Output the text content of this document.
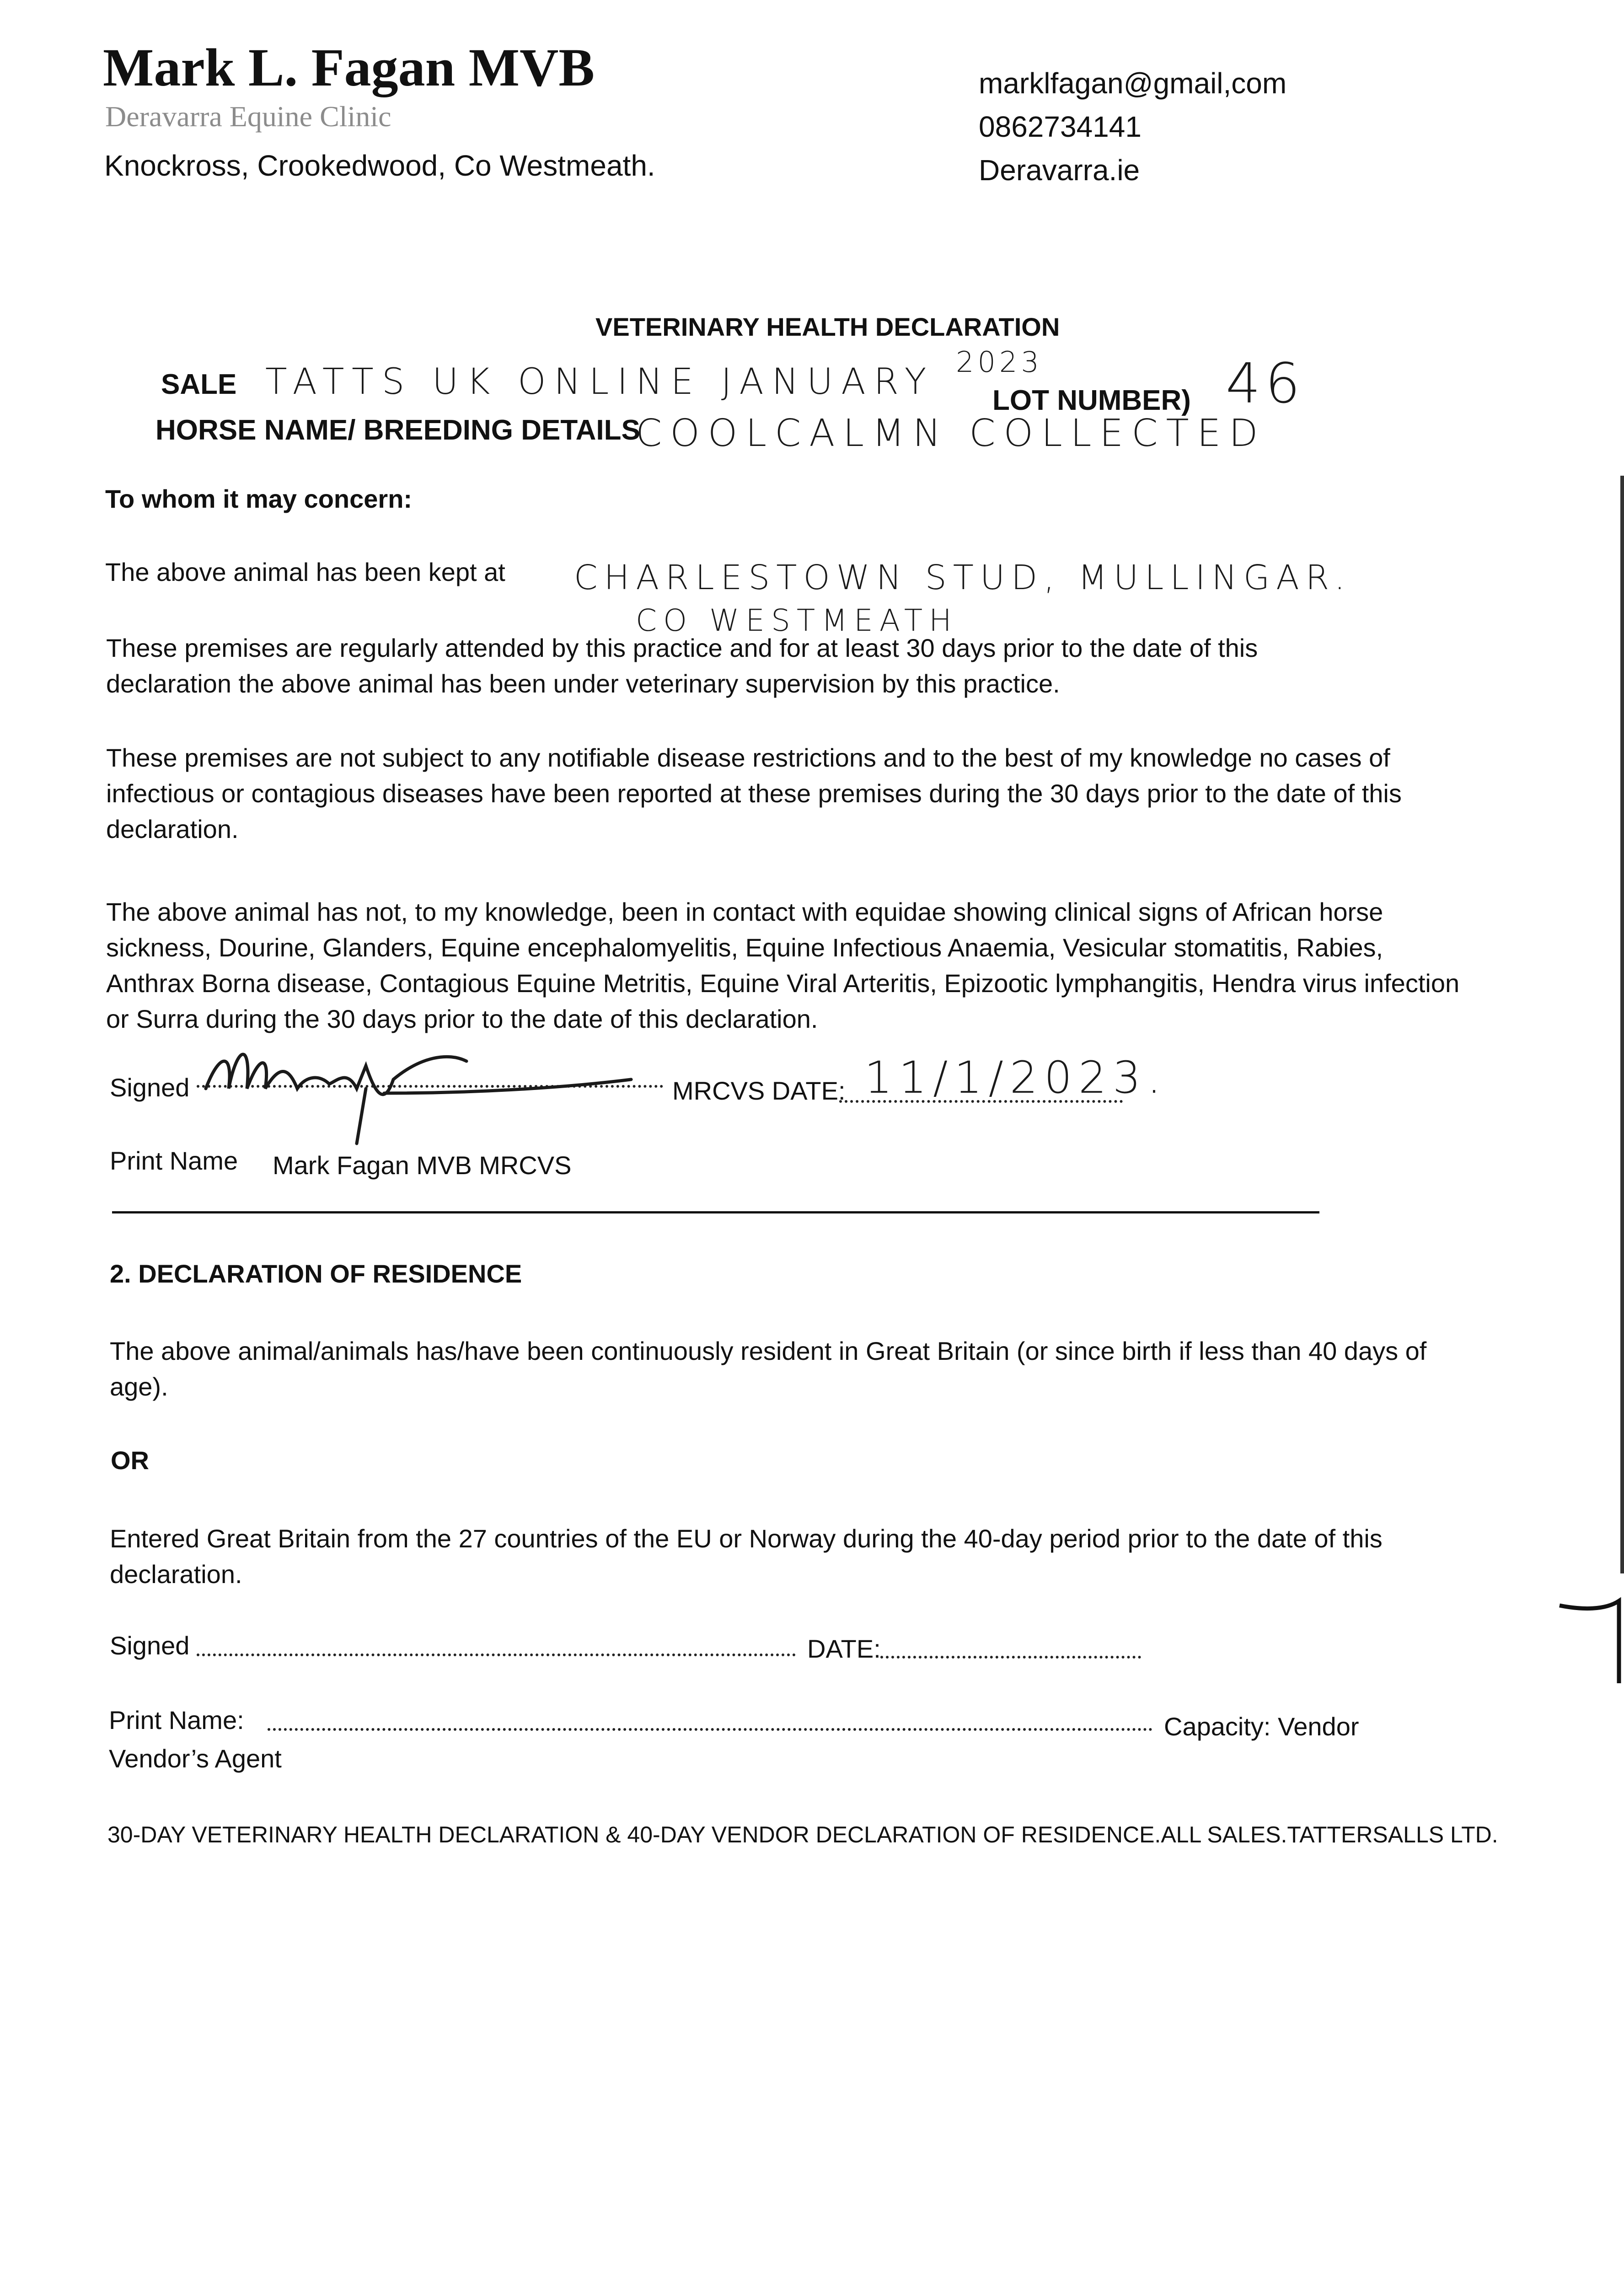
Mark L. Fagan MVB
Deravarra Equine Clinic
Knockross, Crookedwood, Co Westmeath.
marklfagan@gmail,com
0862734141
Deravarra.ie
VETERINARY HEALTH DECLARATION
SALE TATTS UK ONLINE JANUARY 2023
LOT NUMBER) 46
HORSE NAME/ BREEDING DETAILS
COOLCALMN COLLECTED
To whom it may concern:
The above animal has been kept at CHARLESTOWN STUD, MULLINGAR.
CO WESTMEATH
These premises are regularly attended by this practice and for at least 30 days prior to the date of this declaration the above animal has been under veterinary supervision by this practice.
These premises are not subject to any notifiable disease restrictions and to the best of my knowledge no cases of infectious or contagious diseases have been reported at these premises during the 30 days prior to the date of this declaration.
The above animal has not, to my knowledge, been in contact with equidae showing clinical signs of African horse sickness, Dourine, Glanders, Equine encephalomyelitis, Equine Infectious Anaemia, Vesicular stomatitis, Rabies, Anthrax Borna disease, Contagious Equine Metritis, Equine Viral Arteritis, Epizootic lymphangitis, Hendra virus infection or Surra during the 30 days prior to the date of this declaration.
Signed	MRCVS DATE: 11/1/2023.
Print Name Mark Fagan MVB MRCVS
2. DECLARATION OF RESIDENCE
The above animal/animals has/have been continuously resident in Great Britain (or since birth if less than 40 days of age).
OR
Entered Great Britain from the 27 countries of the EU or Norway during the 40-day period prior to the date of this declaration.
Signed	DATE:
Print Name:	Capacity: Vendor
Vendor’s Agent
30-DAY VETERINARY HEALTH DECLARATION & 40-DAY VENDOR DECLARATION OF RESIDENCE.ALL SALES.TATTERSALLS LTD.
